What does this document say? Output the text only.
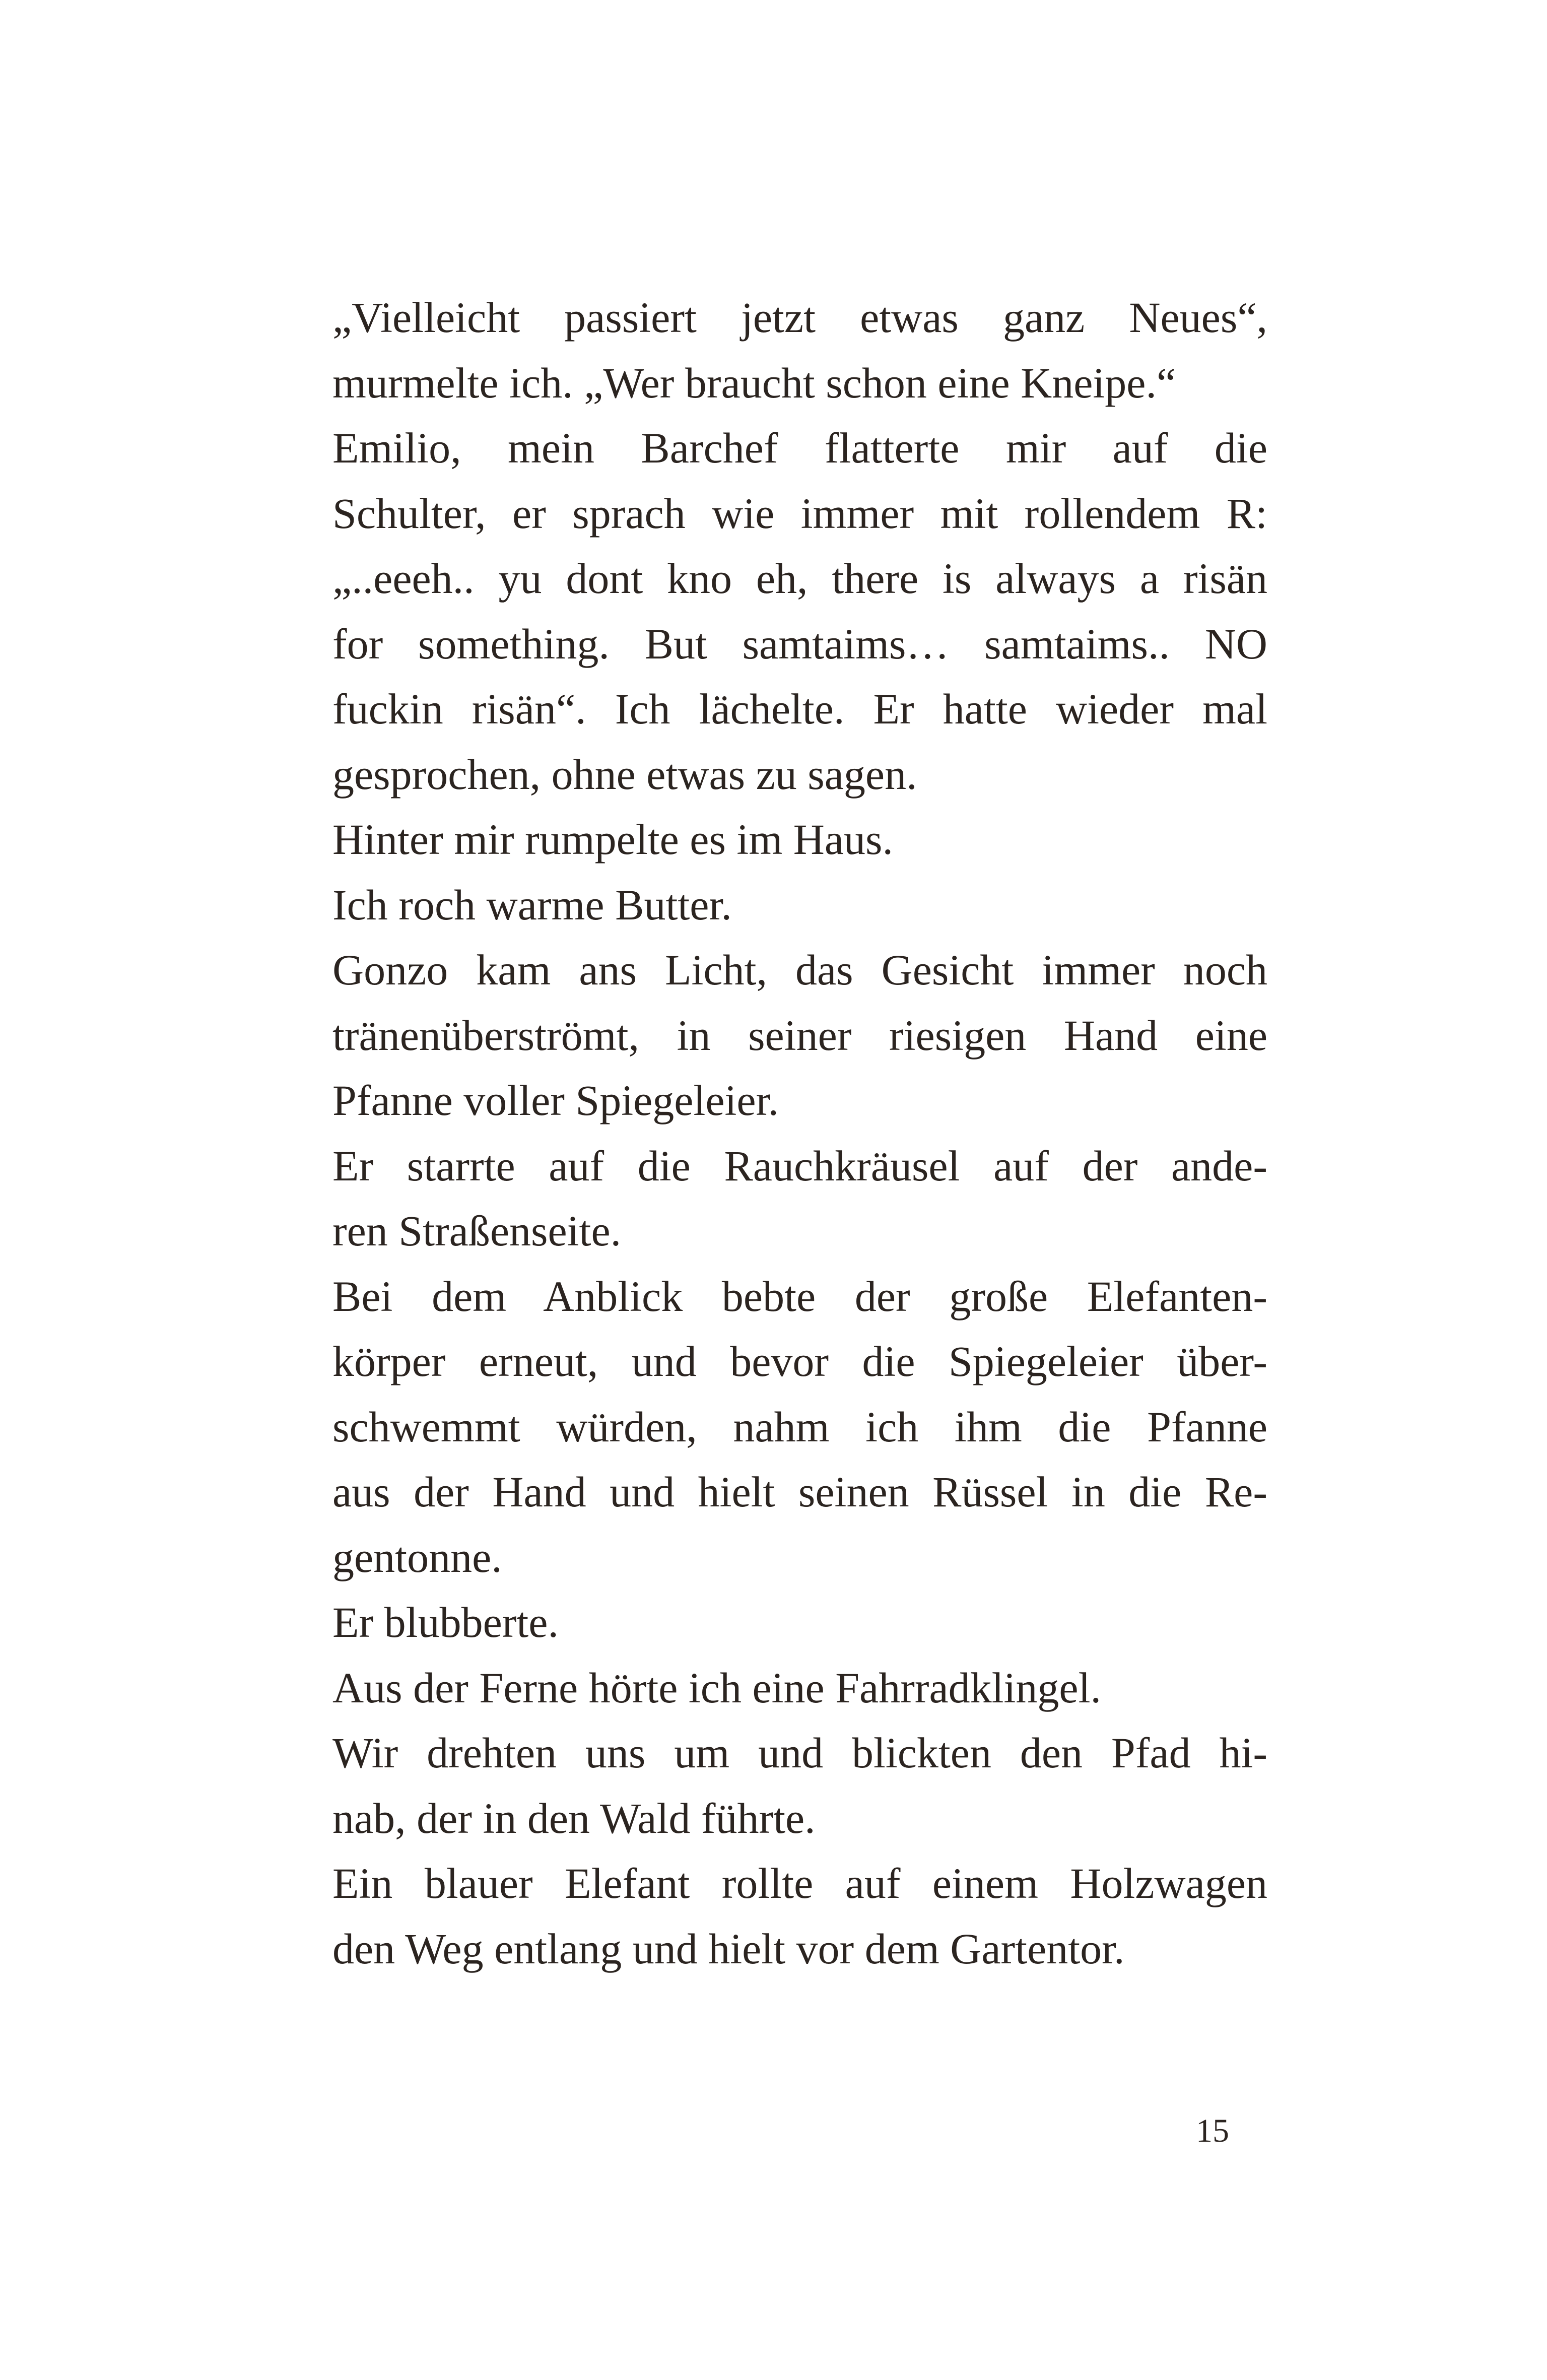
„Vielleicht passiert jetzt etwas ganz Neues“,
murmelte ich. „Wer braucht schon eine Kneipe.“

Emilio, mein Barchef flatterte mir auf die
Schulter, er sprach wie immer mit rollendem R:
„..eeeh.. yu dont kno eh, there is always a risän
for something. But samtaims… samtaims.. NO
fuckin risän“. Ich lächelte. Er hatte wieder mal
gesprochen, ohne etwas zu sagen.

Hinter mir rumpelte es im Haus.

Ich roch warme Butter.

Gonzo kam ans Licht, das Gesicht immer noch
tränenüberströmt, in seiner riesigen Hand eine
Pfanne voller Spiegeleier.

Er starrte auf die Rauchkräusel auf der ande-
ren Straßenseite.

Bei dem Anblick bebte der große Elefanten-
körper erneut, und bevor die Spiegeleier über-
schwemmt würden, nahm ich ihm die Pfanne
aus der Hand und hielt seinen Rüssel in die Re-
gentonne.

Er blubberte.

Aus der Ferne hörte ich eine Fahrradklingel.

Wir drehten uns um und blickten den Pfad hi-
nab, der in den Wald führte.

Ein blauer Elefant rollte auf einem Holzwagen
den Weg entlang und hielt vor dem Gartentor.

15
